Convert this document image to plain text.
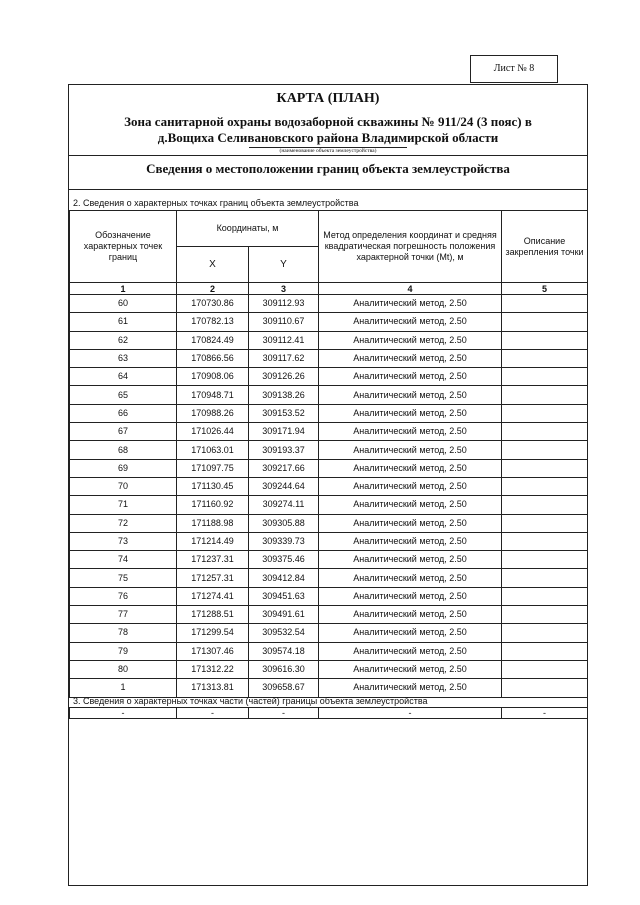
Лист № 8
КАРТА (ПЛАН)
Зона санитарной охраны водозаборной скважины № 911/24 (3 пояс) в
д.Вощиха Селивановского района Владимирской области
(наименование объекта землеустройства)
Сведения о местоположении границ объекта землеустройства
2. Сведения о характерных точках границ объекта землеустройства
Обозначение характерных точек границ	Координаты, м		Метод определения координат и средняя квадратическая погрешность положения характерной точки (Mt), м	Описание закрепления точки
	X	Y		
1	2	3	4	5
60	170730.86	309112.93	Аналитический метод, 2.50	
61	170782.13	309110.67	Аналитический метод, 2.50	
62	170824.49	309112.41	Аналитический метод, 2.50	
63	170866.56	309117.62	Аналитический метод, 2.50	
64	170908.06	309126.26	Аналитический метод, 2.50	
65	170948.71	309138.26	Аналитический метод, 2.50	
66	170988.26	309153.52	Аналитический метод, 2.50	
67	171026.44	309171.94	Аналитический метод, 2.50	
68	171063.01	309193.37	Аналитический метод, 2.50	
69	171097.75	309217.66	Аналитический метод, 2.50	
70	171130.45	309244.64	Аналитический метод, 2.50	
71	171160.92	309274.11	Аналитический метод, 2.50	
72	171188.98	309305.88	Аналитический метод, 2.50	
73	171214.49	309339.73	Аналитический метод, 2.50	
74	171237.31	309375.46	Аналитический метод, 2.50	
75	171257.31	309412.84	Аналитический метод, 2.50	
76	171274.41	309451.63	Аналитический метод, 2.50	
77	171288.51	309491.61	Аналитический метод, 2.50	
78	171299.54	309532.54	Аналитический метод, 2.50	
79	171307.46	309574.18	Аналитический метод, 2.50	
80	171312.22	309616.30	Аналитический метод, 2.50	
1	171313.81	309658.67	Аналитический метод, 2.50	
3. Сведения о характерных точках части (частей) границы объекта землеустройства
-	-	-	-	-
